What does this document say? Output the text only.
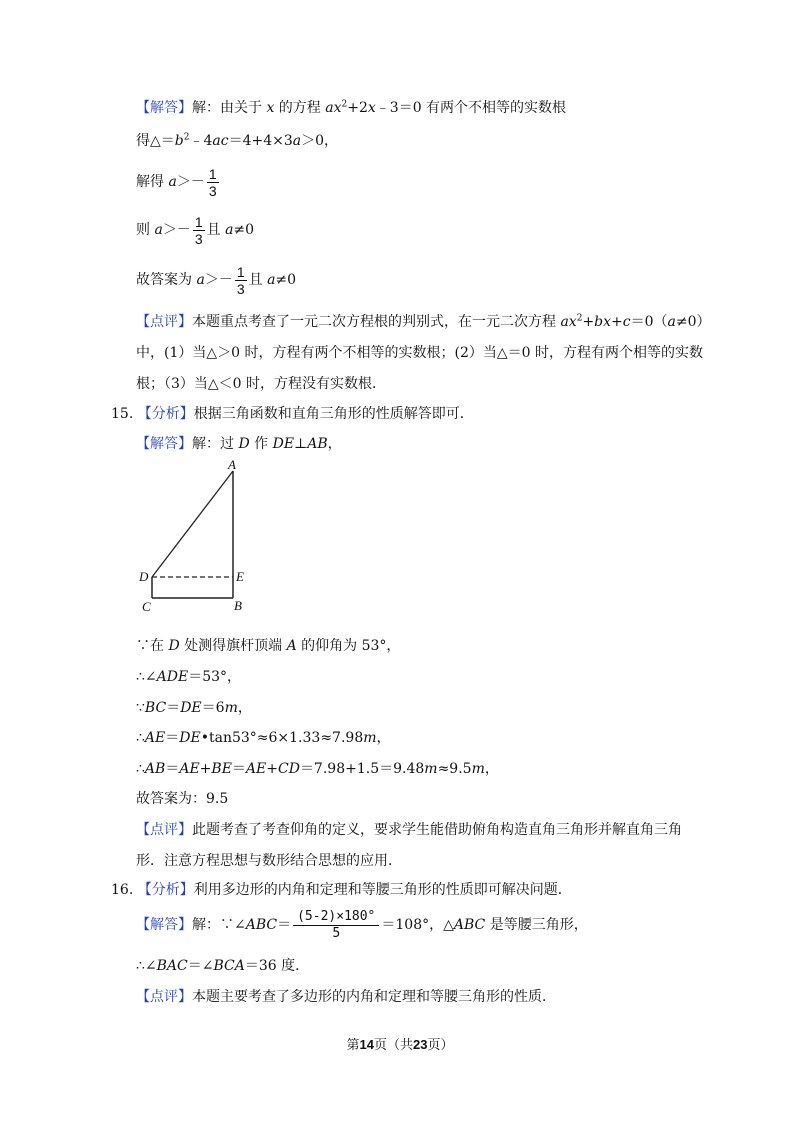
【解答】解：由关于 x 的方程 $ax^2+2x﹣3=0$ 有两个不相等的实数根
得$\triangle=b^2﹣4ac=4+4\times 3a>0$，
解得 $a>- \frac{1}{3}$
则 $a>- \frac{1}{3}$ 且 a≠0
故答案为 $a>- \frac{1}{3}$ 且 a≠0
【点评】本题重点考查了一元二次方程根的判别式，在一元二次方程 $ax^2+bx+c=0(a\ne 0)$
中，(1）当△＞0 时，方程有两个不相等的实数根；(2）当△＝0 时，方程有两个相等的实数
根；（3）当△＜0 时，方程没有实数根．
15. 【分析】根据三角函数和直角三角形的性质解答即可．
【解答】解：过 D 作 DE⊥AB，
A
D	E
C	B
∵在 D 处测得旗杆顶端 A 的仰角为 53°，
∴∠ADE＝53°，
∵BC＝DE＝6m，
∴AE＝DE•tan53°≈6×1.33≈7.98m，
∴AB＝AE+BE＝AE+CD＝7.98+1.5＝9.48m≈9.5m，
故答案为：9.5
【点评】此题考查了考查仰角的定义，要求学生能借助俯角构造直角三角形并解直角三角
形．注意方程思想与数形结合思想的应用．
16. 【分析】利用多边形的内角和定理和等腰三角形的性质即可解决问题．
【解答】解：∵∠ABC＝ $\frac{(5-2)\times 180^\circ}{5} =108^\circ$，△ABC 是等腰三角形，
∴∠BAC＝∠BCA＝36 度．
【点评】本题主要考查了多边形的内角和定理和等腰三角形的性质．
第14页（共23页）
